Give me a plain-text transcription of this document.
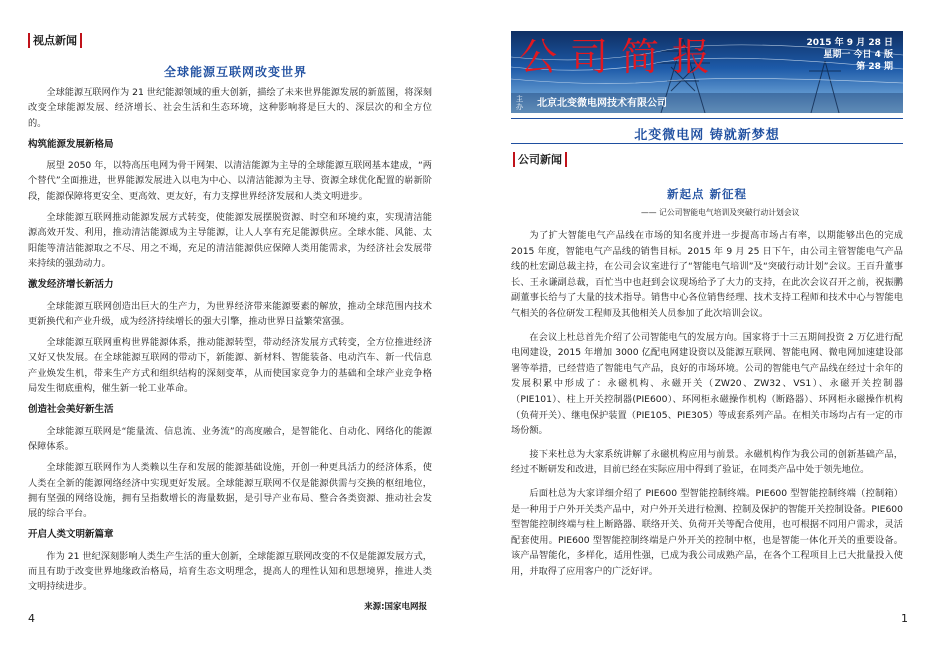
视点新闻
全球能源互联网改变世界

全球能源互联网作为 21 世纪能源领域的重大创新，描绘了未来世界能源发展的新蓝图，将深刻改变全球能源发展、经济增长、社会生活和生态环境，这种影响将是巨大的、深层次的和全方位的。

构筑能源发展新格局

展望 2050 年，以特高压电网为骨干网架、以清洁能源为主导的全球能源互联网基本建成，“两个替代”全面推进，世界能源发展进入以电为中心、以清洁能源为主导、资源全球优化配置的崭新阶段，能源保障将更安全、更高效、更友好，有力支撑世界经济发展和人类文明进步。

全球能源互联网推动能源发展方式转变，使能源发展摆脱资源、时空和环境约束，实现清洁能源高效开发、利用，推动清洁能源成为主导能源，让人人享有充足能源供应。全球水能、风能、太阳能等清洁能源取之不尽、用之不竭，充足的清洁能源供应保障人类用能需求，为经济社会发展带来持续的强劲动力。

激发经济增长新活力

全球能源互联网创造出巨大的生产力，为世界经济带来能源要素的解放，推动全球范围内技术更新换代和产业升级，成为经济持续增长的强大引擎，推动世界日益繁荣富强。

全球能源互联网重构世界能源体系，推动能源转型，带动经济发展方式转变，全方位推进经济又好又快发展。在全球能源互联网的带动下，新能源、新材料、智能装备、电动汽车、新一代信息产业焕发生机，带来生产方式和组织结构的深刻变革，从而使国家竞争力的基础和全球产业竞争格局发生彻底重构，催生新一轮工业革命。

创造社会美好新生活

全球能源互联网是“能量流、信息流、业务流”的高度融合，是智能化、自动化、网络化的能源保障体系。

全球能源互联网作为人类赖以生存和发展的能源基础设施，开创一种更具活力的经济体系，使人类在全新的能源网络经济中实现更好发展。全球能源互联网不仅是能源供需与交换的枢纽地位，拥有坚强的网络设施，拥有呈指数增长的海量数据，是引导产业布局、整合各类资源、推动社会发展的综合平台。

开启人类文明新篇章

作为 21 世纪深刻影响人类生产生活的重大创新，全球能源互联网改变的不仅是能源发展方式，而且有助于改变世界地缘政治格局，培育生态文明理念，提高人的理性认知和思想境界，推进人类文明持续进步。

来源:国家电网报
4
公司简报	2015 年 9 月 28 日
星期一 今日 4 版
第 28 期
主办	北京北变微电网技术有限公司
北变微电网 铸就新梦想
公司新闻
新起点 新征程
—— 记公司智能电气培训及突破行动计划会议

为了扩大智能电气产品线在市场的知名度并进一步提高市场占有率，以期能够出色的完成 2015 年度，智能电气产品线的销售目标。2015 年 9 月 25 日下午，由公司主管智能电气产品线的杜宏副总裁主持，在公司会议室进行了“智能电气培训”及“突破行动计划”会议。王百升董事长、王永谦副总裁，百忙当中也赶到会议现场给予了大力的支持，在此次会议召开之前，祝振鹏副董事长给与了大量的技术指导。销售中心各位销售经理、技术支持工程师和技术中心与智能电气相关的各位研发工程师及其他相关人员参加了此次培训会议。

在会议上杜总首先介绍了公司智能电气的发展方向。国家将于十三五期间投资 2 万亿进行配电网建设，2015 年增加 3000 亿配电网建设资以及能源互联网、智能电网、微电网加速建设部署等举措，已经营造了智能电气产品，良好的市场环境。公司的智能电气产品线在经过十余年的发展积累中形成了：永磁机构、永磁开关（ZW20、ZW32、VS1）、永磁开关控制器（PIE101）、柱上开关控制器(PIE600）、环网柜永磁操作机构（断路器）、环网柜永磁操作机构（负荷开关）、继电保护装置（PIE105、PIE305）等成套系列产品。在相关市场均占有一定的市场份额。

接下来杜总为大家系统讲解了永磁机构应用与前景。永磁机构作为我公司的创新基础产品，经过不断研发和改进，目前已经在实际应用中得到了验证，在同类产品中处于领先地位。

后面杜总为大家详细介绍了 PIE600 型智能控制终端。PIE600 型智能控制终端（控制箱）是一种用于户外开关类产品中，对户外开关进行检测、控制及保护的智能开关控制设备。PIE600 型智能控制终端与柱上断路器、联络开关、负荷开关等配合使用，也可根据不同用户需求，灵活配套使用。PIE600 型智能控制终端是户外开关的控制中枢，也是智能一体化开关的重要设备。该产品智能化，多样化，适用性强，已成为我公司成熟产品，在各个工程项目上已大批量投入使用，并取得了应用客户的广泛好评。

1
